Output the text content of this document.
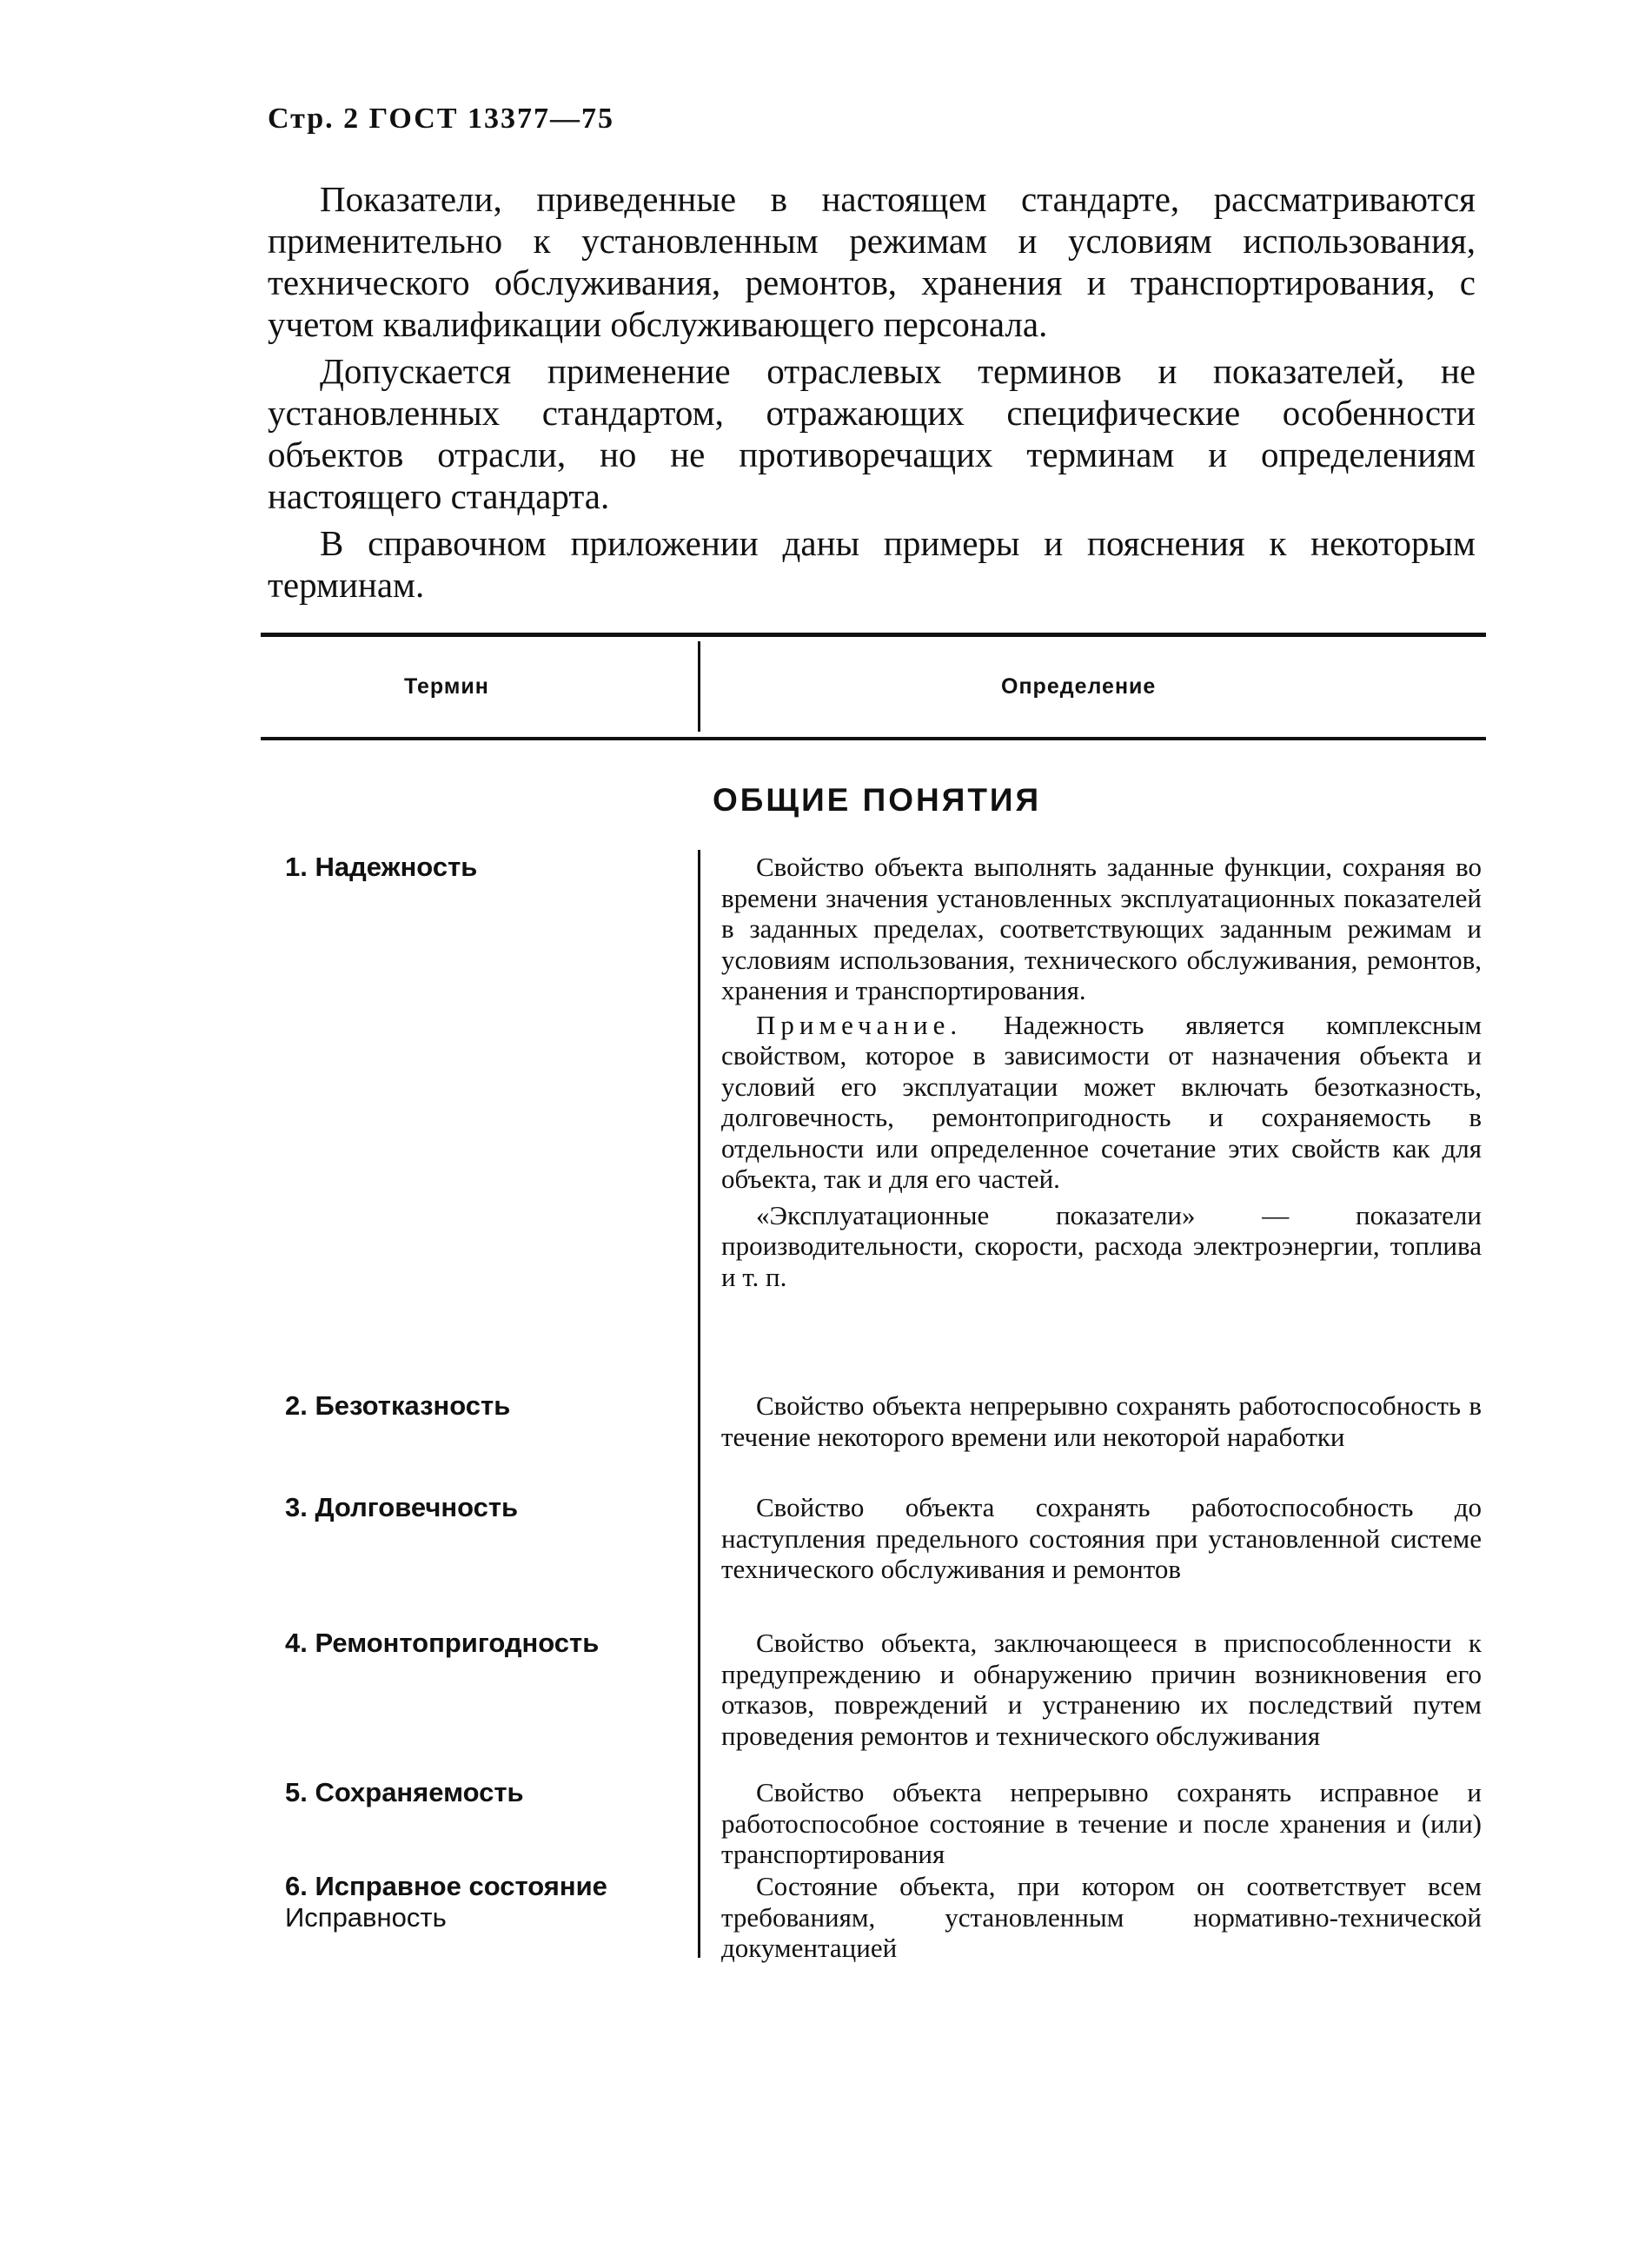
Стр. 2 ГОСТ 13377—75

Показатели, приведенные в настоящем стандарте, рассматриваются применительно к установленным режимам и условиям использования, технического обслуживания, ремонтов, хранения и транспортирования, с учетом квалификации обслуживающего персонала.

Допускается применение отраслевых терминов и показателей, не установленных стандартом, отражающих специфические особенности объектов отрасли, но не противоречащих терминам и определениям настоящего стандарта.

В справочном приложении даны примеры и пояснения к некоторым терминам.

Термин	Определение
ОБЩИЕ ПОНЯТИЯ
1. Надежность
2. Безотказность
3. Долговечность
4. Ремонтопригодность
5. Сохраняемость
6. Исправное состояние
Исправность

Свойство объекта выполнять заданные функции, сохраняя во времени значения установленных эксплуатационных показателей в заданных пределах, соответствующих заданным режимам и условиям использования, технического обслуживания, ремонтов, хранения и транспортирования.

Примечание. Надежность является комплексным свойством, которое в зависимости от назначения объекта и условий его эксплуатации может включать безотказность, долговечность, ремонтопригодность и сохраняемость в отдельности или определенное сочетание этих свойств как для объекта, так и для его частей.

«Эксплуатационные показатели» — показатели производительности, скорости, расхода электроэнергии, топлива и т. п.

Свойство объекта непрерывно сохранять работоспособность в течение некоторого времени или некоторой наработки

Свойство объекта сохранять работоспособность до наступления предельного состояния при установленной системе технического обслуживания и ремонтов

Свойство объекта, заключающееся в приспособленности к предупреждению и обнаружению причин возникновения его отказов, повреждений и устранению их последствий путем проведения ремонтов и технического обслуживания

Свойство объекта непрерывно сохранять исправное и работоспособное состояние в течение и после хранения и (или) транспортирования

Состояние объекта, при котором он соответствует всем требованиям, установленным нормативно-технической документацией
